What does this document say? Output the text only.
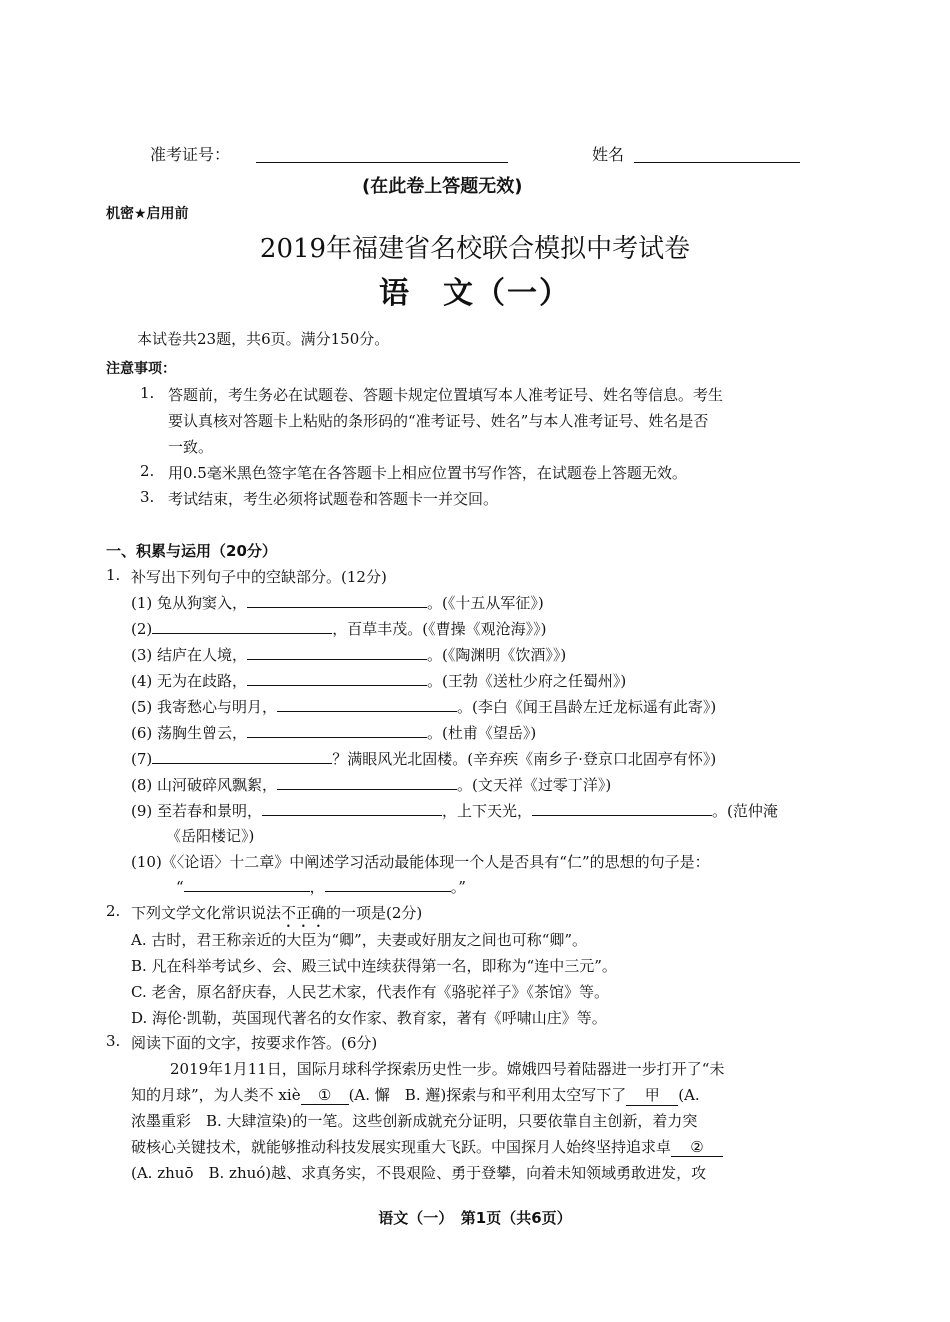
准考证号：	姓名
(在此卷上答题无效)
机密★启用前
2019年福建省名校联合模拟中考试卷
语　文（一）
本试卷共23题，共6页。满分150分。
注意事项：
1. 答题前，考生务必在试题卷、答题卡规定位置填写本人准考证号、姓名等信息。考生
要认真核对答题卡上粘贴的条形码的“准考证号、姓名”与本人准考证号、姓名是否
一致。
2. 用0.5毫米黑色签字笔在各答题卡上相应位置书写作答，在试题卷上答题无效。
3. 考试结束，考生必须将试题卷和答题卡一并交回。
一、积累与运用（20分）
1. 补写出下列句子中的空缺部分。(12分)
(1) 兔从狗窦入，	。(《十五从军征》)
(2)	，百草丰茂。(《曹操《观沧海》》)
(3) 结庐在人境，	。(《陶渊明《饮酒》》)
(4) 无为在歧路，	。(王勃《送杜少府之任蜀州》)
(5) 我寄愁心与明月，	。(李白《闻王昌龄左迁龙标遥有此寄》)
(6) 荡胸生曾云，	。(杜甫《望岳》)
(7)	？满眼风光北固楼。(辛弃疾《南乡子·登京口北固亭有怀》)
(8) 山河破碎风飘絮，	。(文天祥《过零丁洋》)
(9) 至若春和景明，	，上下天光，	。(范仲淹
《岳阳楼记》)
(10)《〈论语〉十二章》中阐述学习活动最能体现一个人是否具有“仁”的思想的句子是：
“	，	。”
2. 下列文学文化常识说法不正确的一项是(2分)
A. 古时，君王称亲近的大臣为“卿”，夫妻或好朋友之间也可称“卿”。
B. 凡在科举考试乡、会、殿三试中连续获得第一名，即称为“连中三元”。
C. 老舍，原名舒庆春，人民艺术家，代表作有《骆驼祥子》《茶馆》等。
D. 海伦·凯勒，英国现代著名的女作家、教育家，著有《呼啸山庄》等。
3. 阅读下面的文字，按要求作答。(6分)
2019年1月11日，国际月球科学探索历史性一步。嫦娥四号着陆器进一步打开了“未
知的月球”，为人类不 xiè ① (A. 懈　B. 邂)探索与和平利用太空写下了 甲 (A.
浓墨重彩　B. 大肆渲染)的一笔。这些创新成就充分证明，只要依靠自主创新，着力突
破核心关键技术，就能够推动科技发展实现重大飞跃。中国探月人始终坚持追求卓 ②
(A. zhuō　B. zhuó)越、求真务实，不畏艰险、勇于登攀，向着未知领域勇敢进发，攻
语文（一）　第1页（共6页）
